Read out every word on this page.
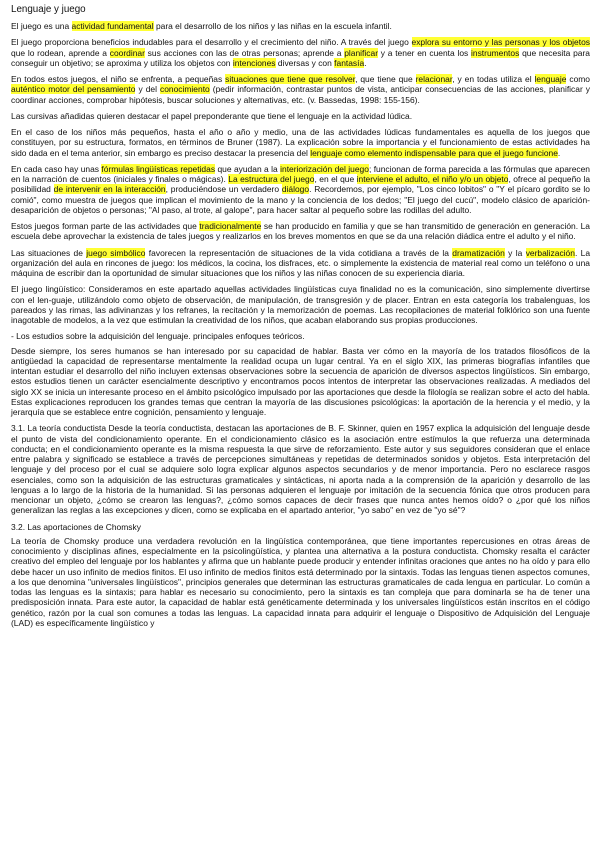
Lenguaje y juego

El juego es una actividad fundamental para el desarrollo de los niños y las niñas en la escuela infantil.

El juego proporciona beneficios indudables para el desarrollo y el crecimiento del niño. A través del juego explora su entorno y las personas y los objetos que lo rodean, aprende a coordinar sus acciones con las de otras personas; aprende a planificar y a tener en cuenta los instrumentos que necesita para conseguir un objetivo; se aproxima y utiliza los objetos con intenciones diversas y con fantasía.

En todos estos juegos, el niño se enfrenta, a pequeñas situaciones que tiene que resolver, que tiene que relacionar, y en todas utiliza el lenguaje como auténtico motor del pensamiento y del conocimiento (pedir información, contrastar puntos de vista, anticipar consecuencias de las acciones, planificar y coordinar acciones, comprobar hipótesis, buscar soluciones y alternativas, etc. (v. Bassedas, 1998: 155-156).

Las cursivas añadidas quieren destacar el papel preponderante que tiene el lenguaje en la actividad lúdica.

En el caso de los niños más pequeños, hasta el año o año y medio, una de las actividades lúdicas fundamentales es aquella de los juegos que constituyen, por su estructura, formatos, en términos de Bruner (1987). La explicación sobre la importancia y el funcionamiento de estas actividades ha sido dada en el tema anterior, sin embargo es preciso destacar la presencia del lenguaje como elemento indispensable para que el juego funcione.

En cada caso hay unas fórmulas lingüísticas repetidas que ayudan a la interiorización del juego; funcionan de forma parecida a las fórmulas que aparecen en la narración de cuentos (iniciales y finales o mágicas). La estructura del juego, en el que interviene el adulto, el niño y/o un objeto, ofrece al pequeño la posibilidad de intervenir en la interacción, produciéndose un verdadero diálogo. Recordemos, por ejemplo, "Los cinco lobitos" o "Y el pícaro gordito se lo comió", como muestra de juegos que implican el movimiento de la mano y la conciencia de los dedos; "El juego del cucú", modelo clásico de aparición-desaparición de objetos o personas; "Al paso, al trote, al galope", para hacer saltar al pequeño sobre las rodillas del adulto.

Estos juegos forman parte de las actividades que tradicionalmente se han producido en familia y que se han transmitido de generación en generación. La escuela debe aprovechar la existencia de tales juegos y realizarlos en los breves momentos en que se da una relación diádica entre el adulto y el niño.

Las situaciones de juego simbólico favorecen la representación de situaciones de la vida cotidiana a través de la dramatización y la verbalización. La organización del aula en rincones de juego: los médicos, la cocina, los disfraces, etc. o simplemente la existencia de material real como un teléfono o una máquina de escribir dan la oportunidad de simular situaciones que los niños y las niñas conocen de su experiencia diaria.

El juego lingüístico: Consideramos en este apartado aquellas actividades lingüísticas cuya finalidad no es la comunicación, sino simplemente divertirse con el len-guaje, utilizándolo como objeto de observación, de manipulación, de transgresión y de placer. Entran en esta categoría los trabalenguas, los pareados y las rimas, las adivinanzas y los refranes, la recitación y la memorización de poemas. Las recopilaciones de material folklórico son una fuente inagotable de modelos, a la vez que estimulan la creatividad de los niños, que acaban elaborando sus propias producciones.

- Los estudios sobre la adquisición del lenguaje. principales enfoques teóricos.

Desde siempre, los seres humanos se han interesado por su capacidad de hablar. Basta ver cómo en la mayoría de los tratados filosóficos de la antigüedad la capacidad de representarse mentalmente la realidad ocupa un lugar central. Ya en el siglo XIX, las primeras biografías infantiles que intentan estudiar el desarrollo del niño incluyen extensas observaciones sobre la secuencia de aparición de diversos aspectos lingüísticos. Sin embargo, estos estudios tienen un carácter esencialmente descriptivo y encontramos pocos intentos de interpretar las observaciones realizadas. A mediados del siglo XX se inicia un interesante proceso en el ámbito psicológico impulsado por las aportaciones que desde la filología se realizan sobre el acto del habla. Estas explicaciones reproducen los grandes temas que centran la mayoría de las discusiones psicológicas: la aportación de la herencia y el medio, y la jerarquía que se establece entre cognición, pensamiento y lenguaje.

3.1. La teoría conductista Desde la teoría conductista, destacan las aportaciones de B. F. Skinner, quien en 1957 explica la adquisición del lenguaje desde el punto de vista del condicionamiento operante. En el condicionamiento clásico es la asociación entre estímulos la que refuerza una determinada conducta; en el condicionamiento operante es la misma respuesta la que sirve de reforzamiento. Este autor y sus seguidores consideran que el enlace entre palabra y significado se establece a través de percepciones simultáneas y repetidas de determinados sonidos y objetos. Esta interpretación del lenguaje y del proceso por el cual se adquiere solo logra explicar algunos aspectos secundarios y de menor importancia. Pero no esclarece rasgos esenciales, como son la adquisición de las estructuras gramaticales y sintácticas, ni aporta nada a la comprensión de la aparición y desarrollo de las lenguas a lo largo de la historia de la humanidad. Si las personas adquieren el lenguaje por imitación de la secuencia fónica que otros producen para mencionar un objeto, ¿cómo se crearon las lenguas?, ¿cómo somos capaces de decir frases que nunca antes hemos oído? o ¿por qué los niños generalizan las reglas a las excepciones y dicen, como se explicaba en el apartado anterior, "yo sabo" en vez de "yo sé"?

3.2. Las aportaciones de Chomsky

La teoría de Chomsky produce una verdadera revolución en la lingüística contemporánea, que tiene importantes repercusiones en otras áreas de conocimiento y disciplinas afines, especialmente en la psicolingüística, y plantea una alternativa a la postura conductista. Chomsky resalta el carácter creativo del empleo del lenguaje por los hablantes y afirma que un hablante puede producir y entender infinitas oraciones que antes no ha oído y para ello debe hacer un uso infinito de medios finitos. El uso infinito de medios finitos está determinado por la sintaxis. Todas las lenguas tienen aspectos comunes, a los que denomina "universales lingüísticos", principios generales que determinan las estructuras gramaticales de cada lengua en particular. Lo común a todas las lenguas es la sintaxis; para hablar es necesario su conocimiento, pero la sintaxis es tan compleja que para dominarla se ha de tener una predisposición innata. Para este autor, la capacidad de hablar está genéticamente determinada y los universales lingüísticos están inscritos en el código genético, razón por la cual son comunes a todas las lenguas. La capacidad innata para adquirir el lenguaje o Dispositivo de Adquisición del Lenguaje (LAD) es específicamente lingüístico y
